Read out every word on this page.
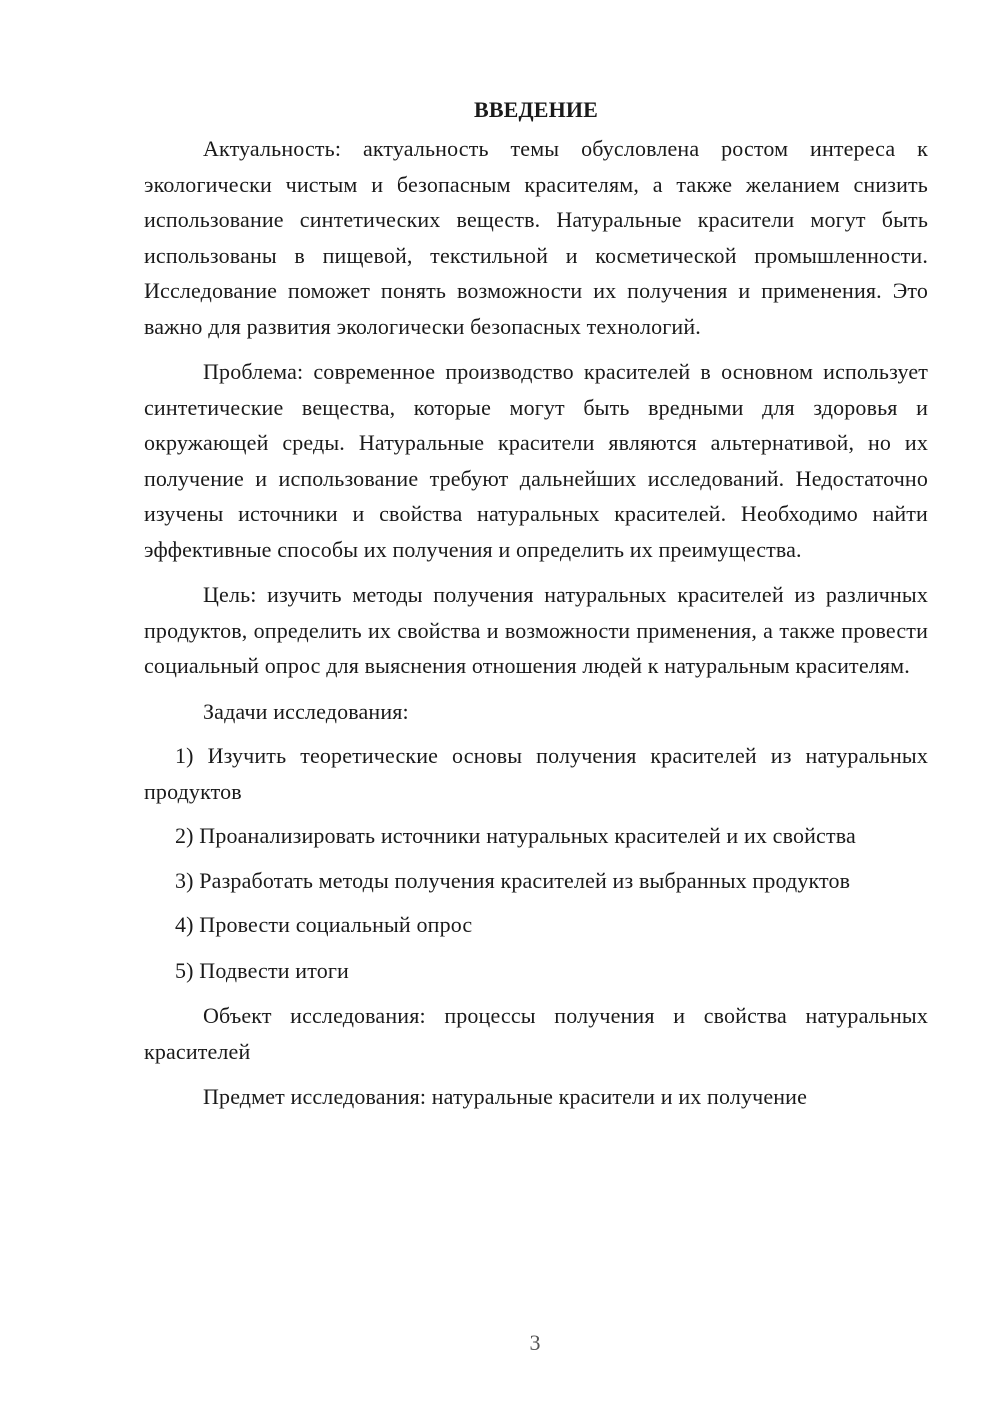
ВВЕДЕНИЕ

Актуальность: актуальность темы обусловлена ростом интереса к экологически чистым и безопасным красителям, а также желанием снизить использование синтетических веществ. Натуральные красители могут быть использованы в пищевой, текстильной и косметической промышленности. Исследование поможет понять возможности их получения и применения. Это важно для развития экологически безопасных технологий.

Проблема: современное производство красителей в основном использует синтетические вещества, которые могут быть вредными для здоровья и окружающей среды. Натуральные красители являются альтернативой, но их получение и использование требуют дальнейших исследований. Недостаточно изучены источники и свойства натуральных красителей. Необходимо найти эффективные способы их получения и определить их преимущества.

Цель: изучить методы получения натуральных красителей из различных продуктов, определить их свойства и возможности применения, а также провести социальный опрос для выяснения отношения людей к натуральным красителям.

Задачи исследования:

1) Изучить теоретические основы получения красителей из натуральных продуктов

2) Проанализировать источники натуральных красителей и их свойства

3) Разработать методы получения красителей из выбранных продуктов

4) Провести социальный опрос

5) Подвести итоги

Объект исследования: процессы получения и свойства натуральных красителей

Предмет исследования: натуральные красители и их получение

3
